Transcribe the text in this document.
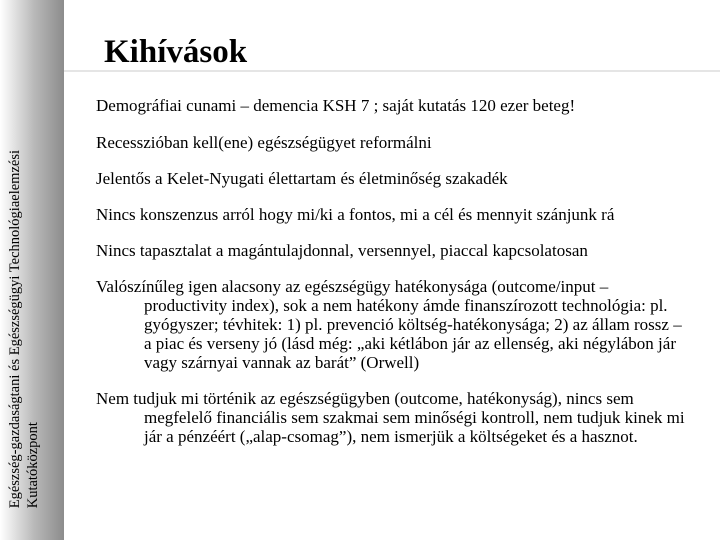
Egészség-gazdaságtani és Egészségügyi Technológiaelemzési Kutatóközpont
Kihívások
Demográfiai cunami – demencia KSH 7 ; saját kutatás 120 ezer beteg!
Recesszióban kell(ene) egészségügyet reformálni
Jelentős a Kelet-Nyugati élettartam és életminőség szakadék
Nincs konszenzus arról hogy mi/ki a fontos, mi a cél és mennyit szánjunk rá
Nincs tapasztalat a magántulajdonnal, versennyel, piaccal kapcsolatosan
Valószínűleg igen alacsony az egészségügy hatékonysága (outcome/input – productivity index), sok a nem hatékony ámde finanszírozott technológia: pl. gyógyszer; tévhitek: 1) pl. prevenció költség-hatékonysága; 2) az állam rossz – a piac és verseny jó (lásd még: „aki kétlábon jár az ellenség, aki négylábon jár vagy szárnyai vannak az barát” (Orwell)
Nem tudjuk mi történik az egészségügyben (outcome, hatékonyság), nincs sem megfelelő financiális sem szakmai sem minőségi kontroll, nem tudjuk kinek mi jár a pénzéért („alap-csomag”), nem ismerjük a költségeket és a hasznot.
